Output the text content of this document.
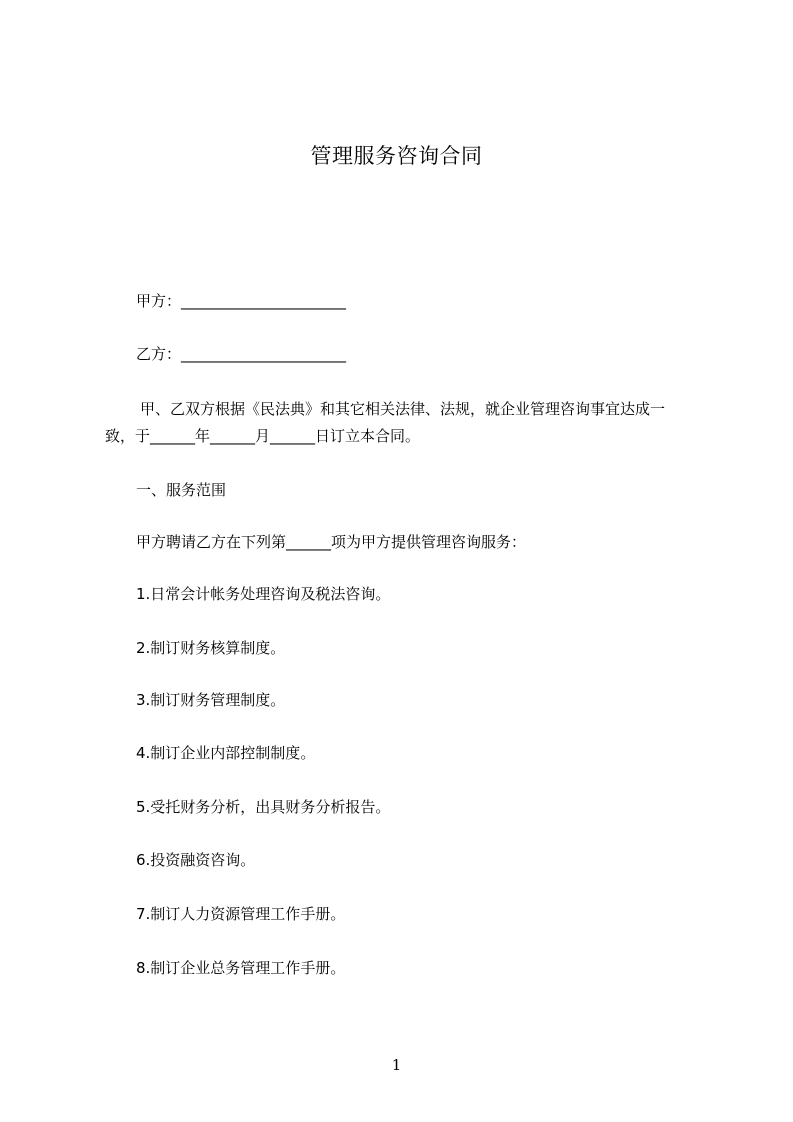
管理服务咨询合同
甲方：______________________
乙方：______________________
甲、乙双方根据《民法典》和其它相关法律、法规，就企业管理咨询事宜达成一
致，于______年______月______日订立本合同。
一、服务范围
甲方聘请乙方在下列第______项为甲方提供管理咨询服务：
1.日常会计帐务处理咨询及税法咨询。
2.制订财务核算制度。
3.制订财务管理制度。
4.制订企业内部控制制度。
5.受托财务分析，出具财务分析报告。
6.投资融资咨询。
7.制订人力资源管理工作手册。
8.制订企业总务管理工作手册。
1
